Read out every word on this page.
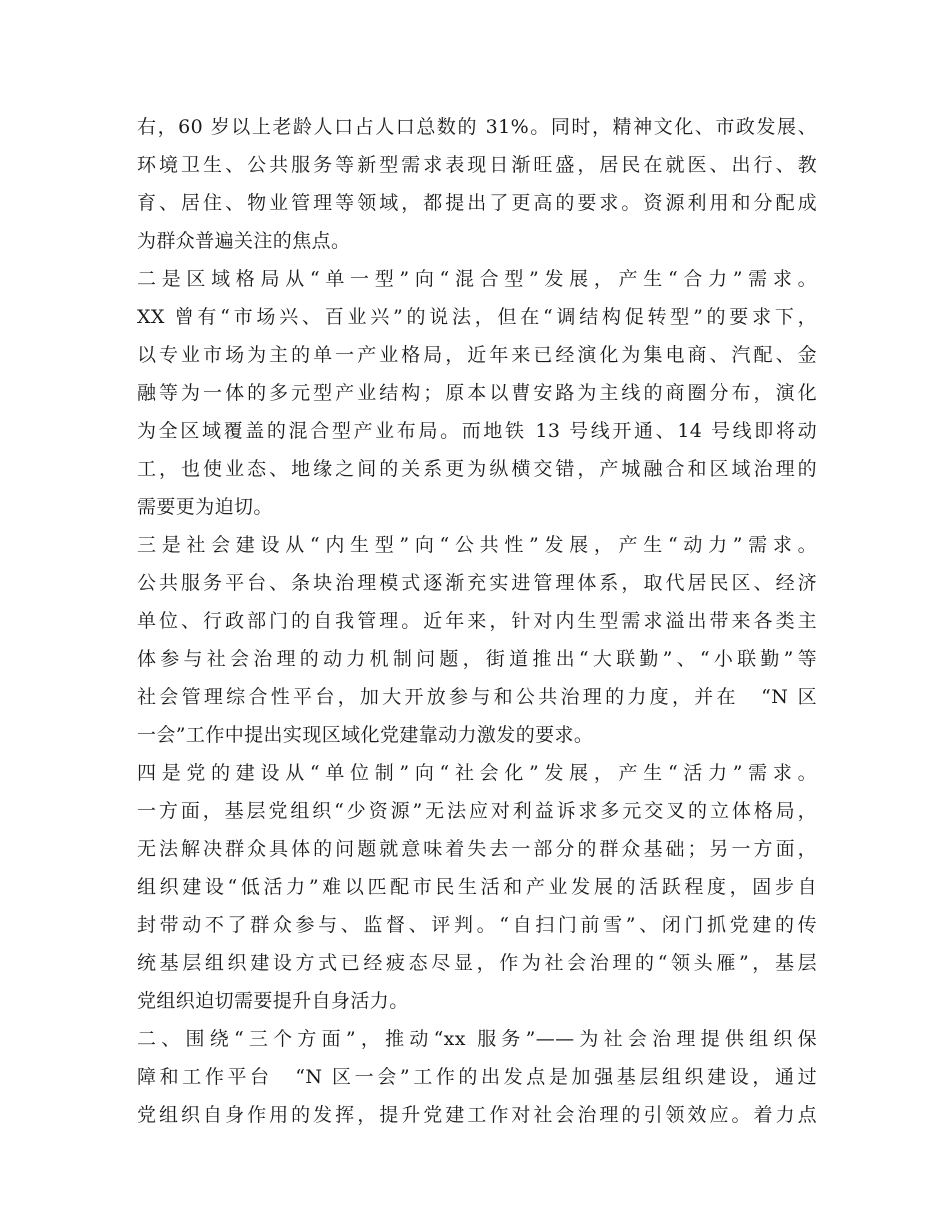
右，60 岁以上老龄人口占人口总数的 31%。同时，精神文化、市政发展、
环境卫生、公共服务等新型需求表现日渐旺盛，居民在就医、出行、教
育、居住、物业管理等领域，都提出了更高的要求。资源利用和分配成
为群众普遍关注的焦点。
二是区域格局从“单一型”向“混合型”发展，产生“合力”需求。
XX 曾有“市场兴、百业兴”的说法，但在“调结构促转型”的要求下，
以专业市场为主的单一产业格局，近年来已经演化为集电商、汽配、金
融等为一体的多元型产业结构；原本以曹安路为主线的商圈分布，演化
为全区域覆盖的混合型产业布局。而地铁 13 号线开通、14 号线即将动
工，也使业态、地缘之间的关系更为纵横交错，产城融合和区域治理的
需要更为迫切。
三是社会建设从“内生型”向“公共性”发展，产生“动力”需求。
公共服务平台、条块治理模式逐渐充实进管理体系，取代居民区、经济
单位、行政部门的自我管理。近年来，针对内生型需求溢出带来各类主
体参与社会治理的动力机制问题，街道推出“大联勤”、“小联勤”等
社会管理综合性平台，加大开放参与和公共治理的力度，并在　“N 区
一会”工作中提出实现区域化党建靠动力激发的要求。
四是党的建设从“单位制”向“社会化”发展，产生“活力”需求。
一方面，基层党组织“少资源”无法应对利益诉求多元交叉的立体格局，
无法解决群众具体的问题就意味着失去一部分的群众基础；另一方面，
组织建设“低活力”难以匹配市民生活和产业发展的活跃程度，固步自
封带动不了群众参与、监督、评判。“自扫门前雪”、闭门抓党建的传
统基层组织建设方式已经疲态尽显，作为社会治理的“领头雁”，基层
党组织迫切需要提升自身活力。
二、围绕“三个方面”，推动“xx 服务”——为社会治理提供组织保
障和工作平台　“N 区一会”工作的出发点是加强基层组织建设，通过
党组织自身作用的发挥，提升党建工作对社会治理的引领效应。着力点
